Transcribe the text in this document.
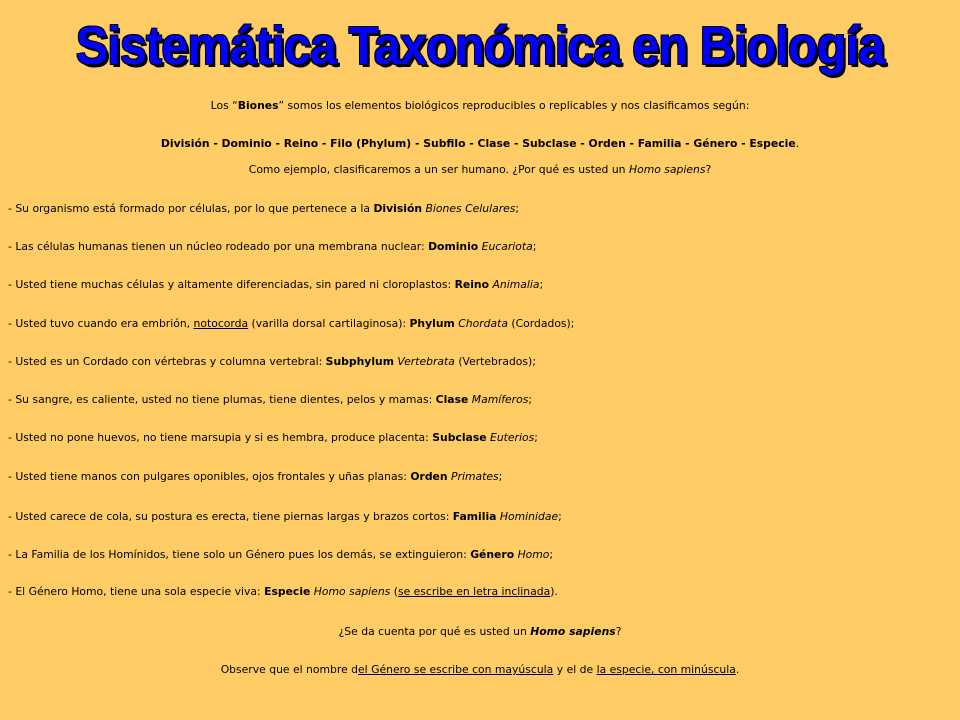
Sistemática Taxonómica en Biología
Los “Biones” somos los elementos biológicos reproducibles o replicables y nos clasificamos según:
División - Dominio - Reino - Filo (Phylum) - Subfilo - Clase - Subclase - Orden - Familia - Género - Especie.
Como ejemplo, clasificaremos a un ser humano. ¿Por qué es usted un Homo sapiens?
- Su organismo está formado por células, por lo que pertenece a la División Biones Celulares;
- Las células humanas tienen un núcleo rodeado por una membrana nuclear: Dominio Eucariota;
- Usted tiene muchas células y altamente diferenciadas, sin pared ni cloroplastos: Reino Animalia;
- Usted tuvo cuando era embrión, notocorda (varilla dorsal cartilaginosa): Phylum Chordata (Cordados);
- Usted es un Cordado con vértebras y columna vertebral: Subphylum Vertebrata (Vertebrados);
- Su sangre, es caliente, usted no tiene plumas, tiene dientes, pelos y mamas: Clase Mamíferos;
- Usted no pone huevos, no tiene marsupia y si es hembra, produce placenta: Subclase Euterios;
- Usted tiene manos con pulgares oponibles, ojos frontales y uñas planas: Orden Primates;
- Usted carece de cola, su postura es erecta, tiene piernas largas y brazos cortos: Familia Hominidae;
- La Familia de los Homínidos, tiene solo un Género pues los demás, se extinguieron: Género Homo;
- El Género Homo, tiene una sola especie viva: Especie Homo sapiens (se escribe en letra inclinada).
¿Se da cuenta por qué es usted un Homo sapiens?
Observe que el nombre del Género se escribe con mayúscula y el de la especie, con minúscula.
